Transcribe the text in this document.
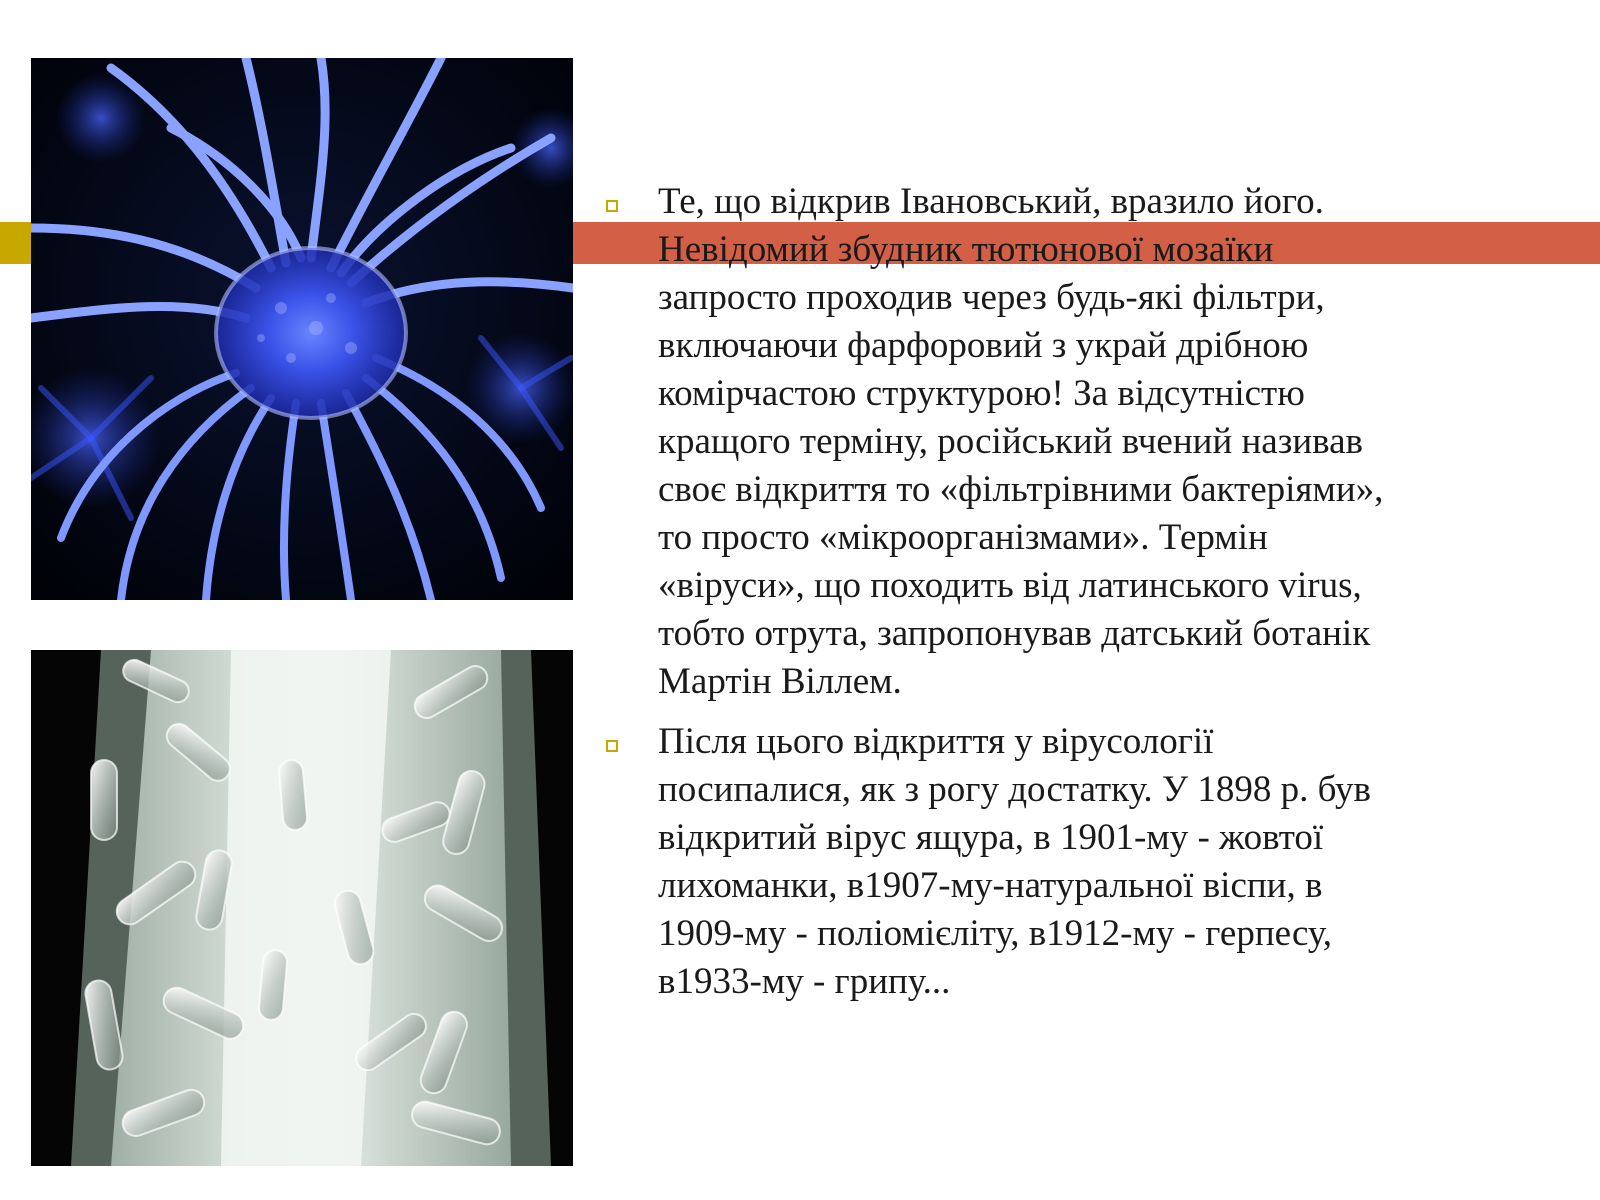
Те, що відкрив Івановський, вразило його.
Невідомий збудник тютюнової мозаїки
запросто проходив через будь-які фільтри,
включаючи фарфоровий з украй дрібною
комірчастою структурою! За відсутністю
кращого терміну, російський вчений називав
своє відкриття то «фільтрівними бактеріями»,
то просто «мікроорганізмами». Термін
«віруси», що походить від латинського virus,
тобто отрута, запропонував датський ботанік
Мартін Віллем.
Після цього відкриття у вірусології
посипалися, як з рогу достатку. У 1898 р. був
відкритий вірус ящура, в 1901-му - жовтої
лихоманки, в1907-му-натуральної віспи, в
1909-му - поліомієліту, в1912-му - герпесу,
в1933-му - грипу...
